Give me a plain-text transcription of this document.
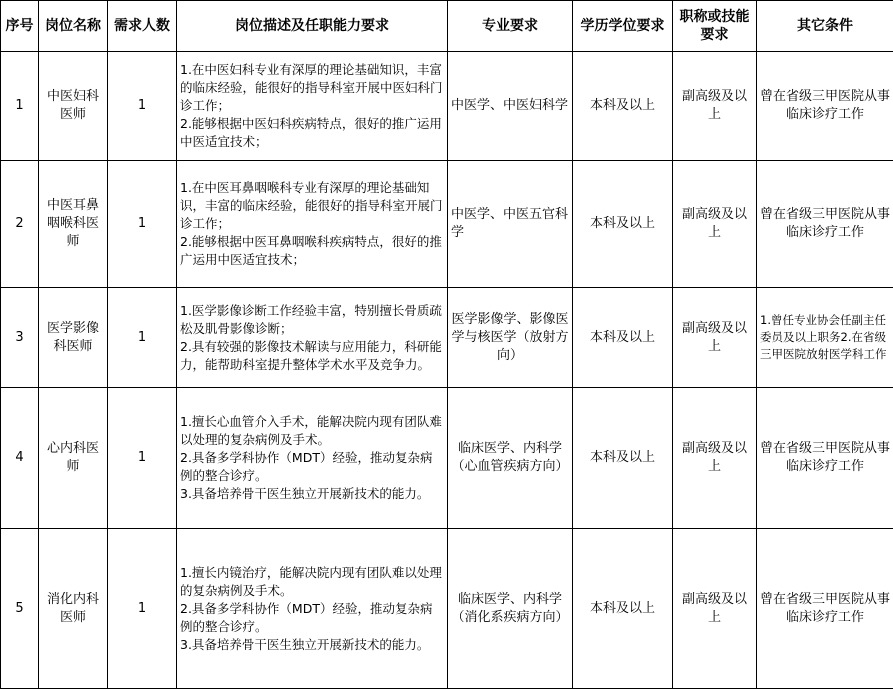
序号	岗位名称	需求人数	岗位描述及任职能力要求	专业要求	学历学位要求	职称或技能要求	其它条件
1	中医妇科医师	1	1.在中医妇科专业有深厚的理论基础知识，丰富的临床经验，能很好的指导科室开展中医妇科门诊工作；
2.能够根据中医妇科疾病特点，很好的推广运用中医适宜技术；	中医学、中医妇科学	本科及以上	副高级及以上	曾在省级三甲医院从事临床诊疗工作
2	中医耳鼻咽喉科医师	1	1.在中医耳鼻咽喉科专业有深厚的理论基础知识，丰富的临床经验，能很好的指导科室开展门诊工作；
2.能够根据中医耳鼻咽喉科疾病特点，很好的推广运用中医适宜技术；	中医学、中医五官科学	本科及以上	副高级及以上	曾在省级三甲医院从事临床诊疗工作
3	医学影像科医师	1	1.医学影像诊断工作经验丰富，特别擅长骨质疏松及肌骨影像诊断；
2.具有较强的影像技术解读与应用能力，科研能力，能帮助科室提升整体学术水平及竞争力。	医学影像学、影像医学与核医学（放射方向）	本科及以上	副高级及以上	1.曾任专业协会任副主任委员及以上职务2.在省级三甲医院放射医学科工作
4	心内科医师	1	1.擅长心血管介入手术，能解决院内现有团队难以处理的复杂病例及手术。
2.具备多学科协作（MDT）经验，推动复杂病例的整合诊疗。
3.具备培养骨干医生独立开展新技术的能力。	临床医学、内科学（心血管疾病方向）	本科及以上	副高级及以上	曾在省级三甲医院从事临床诊疗工作
5	消化内科医师	1	1.擅长内镜治疗，能解决院内现有团队难以处理的复杂病例及手术。
2.具备多学科协作（MDT）经验，推动复杂病例的整合诊疗。
3.具备培养骨干医生独立开展新技术的能力。	临床医学、内科学（消化系疾病方向）	本科及以上	副高级及以上	曾在省级三甲医院从事临床诊疗工作
